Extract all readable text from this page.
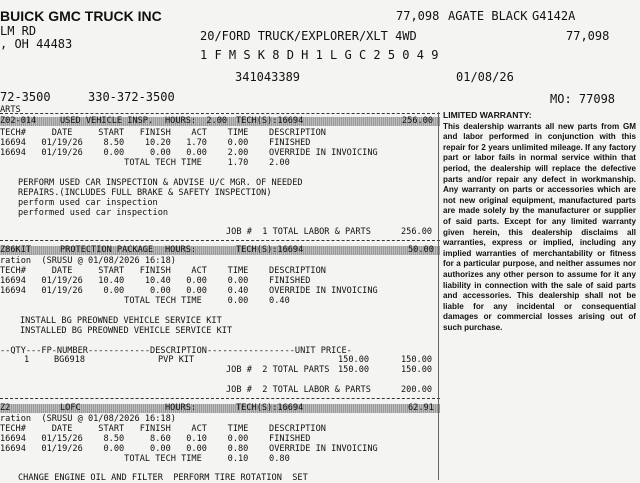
BUICK GMC TRUCK INC
LM RD
, OH 44483
77,098 AGATE BLACK G4142A
20/FORD TRUCK/EXPLORER/XLT 4WD	77,098
1 F M S K 8 D H 1 L G C 2 5 0 4 9
341043389	01/08/26
72-3500	330-372-3500	MO: 77098
ARTS
Z02-014	USED VEHICLE INSP. HOURS:  2.00 TECH(S):16694	256.00
TECH#     DATE     START   FINISH    ACT    TIME    DESCRIPTION
16694   01/19/26    8.50    10.20   1.70    0.00    FINISHED
16694   01/19/26    0.00     0.00   0.00    2.00    OVERRIDE IN INVOICING
TOTAL TECH TIME     1.70    2.00
PERFORM USED CAR INSPECTION & ADVISE U/C MGR. OF NEEDED
REPAIRS.(INCLUDES FULL BRAKE & SAFETY INSPECTION)
perform used car inspection
performed used car inspection
JOB #  1 TOTAL LABOR & PARTS	256.00
Z86KIT	PROTECTION PACKAGE HOURS:	TECH(S):16694	50.00
ration  (SRUSU @ 01/08/2026 16:18)
TECH#     DATE     START   FINISH    ACT    TIME    DESCRIPTION
16694   01/19/26   10.40    10.40   0.00    0.00    FINISHED
16694   01/19/26    0.00     0.00   0.00    0.40    OVERRIDE IN INVOICING
TOTAL TECH TIME     0.00    0.40
INSTALL BG PREOWNED VEHICLE SERVICE KIT
INSTALLED BG PREOWNED VEHICLE SERVICE KIT
--QTY---FP-NUMBER------------DESCRIPTION-----------------UNIT PRICE-
1	BG6918	PVP KIT	150.00	150.00
JOB #  2 TOTAL PARTS 150.00	150.00
JOB #  2 TOTAL LABOR & PARTS	200.00
Z2	LOFC	HOURS:	TECH(S):16694	62.91
ration  (SRUSU @ 01/08/2026 16:18)
TECH#     DATE     START   FINISH    ACT    TIME    DESCRIPTION
16694   01/15/26    8.50     8.60   0.10    0.00    FINISHED
16694   01/19/26    0.00     0.00   0.00    0.80    OVERRIDE IN INVOICING
TOTAL TECH TIME     0.10    0.80
CHANGE ENGINE OIL AND FILTER  PERFORM TIRE ROTATION  SET
LIMITED WARRANTY:
This dealership warrants all new parts from GM and labor performed in conjunction with this repair for 2 years unlimited mileage. If any factory part or labor fails in normal service within that period, the dealership will replace the defective parts and/or repair any defect in workmanship. Any warranty on parts or accessories which are not new original equipment, manufactured parts are made solely by the manufacturer or supplier of said parts. Except for any limited warranty given herein, this dealership disclaims all warranties, express or implied, including any implied warranties of merchantability or fitness for a particular purpose, and neither assumes nor authorizes any other person to assume for it any liability in connection with the sale of said parts and accessories. This dealership shall not be liable for any incidental or consequential damages or commercial losses arising out of such purchase.
